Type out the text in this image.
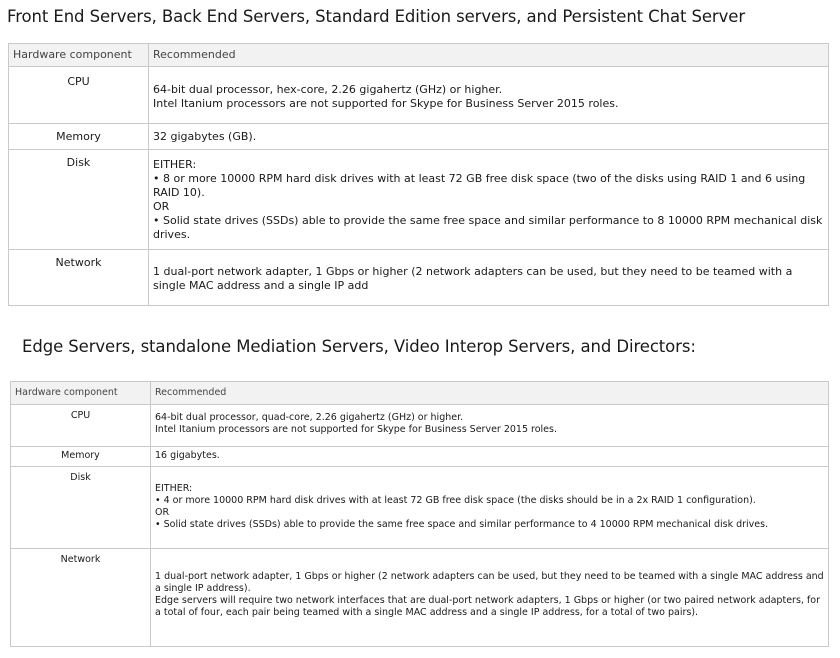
Front End Servers, Back End Servers, Standard Edition servers, and Persistent Chat Server
Hardware component	Recommended
CPU	64-bit dual processor, hex-core, 2.26 gigahertz (GHz) or higher.
Intel Itanium processors are not supported for Skype for Business Server 2015 roles.
Memory	32 gigabytes (GB).
Disk	EITHER:
• 8 or more 10000 RPM hard disk drives with at least 72 GB free disk space (two of the disks using RAID 1 and 6 using RAID 10).
OR
• Solid state drives (SSDs) able to provide the same free space and similar performance to 8 10000 RPM mechanical disk drives.
Network	1 dual-port network adapter, 1 Gbps or higher (2 network adapters can be used, but they need to be teamed with a single MAC address and a single IP add
Edge Servers, standalone Mediation Servers, Video Interop Servers, and Directors:
Hardware component	Recommended
CPU	64-bit dual processor, quad-core, 2.26 gigahertz (GHz) or higher.
Intel Itanium processors are not supported for Skype for Business Server 2015 roles.
Memory	16 gigabytes.
Disk	EITHER:
• 4 or more 10000 RPM hard disk drives with at least 72 GB free disk space (the disks should be in a 2x RAID 1 configuration).
OR
• Solid state drives (SSDs) able to provide the same free space and similar performance to 4 10000 RPM mechanical disk drives.
Network	1 dual-port network adapter, 1 Gbps or higher (2 network adapters can be used, but they need to be teamed with a single MAC address and a single IP address).
Edge servers will require two network interfaces that are dual-port network adapters, 1 Gbps or higher (or two paired network adapters, for a total of four, each pair being teamed with a single MAC address and a single IP address, for a total of two pairs).
